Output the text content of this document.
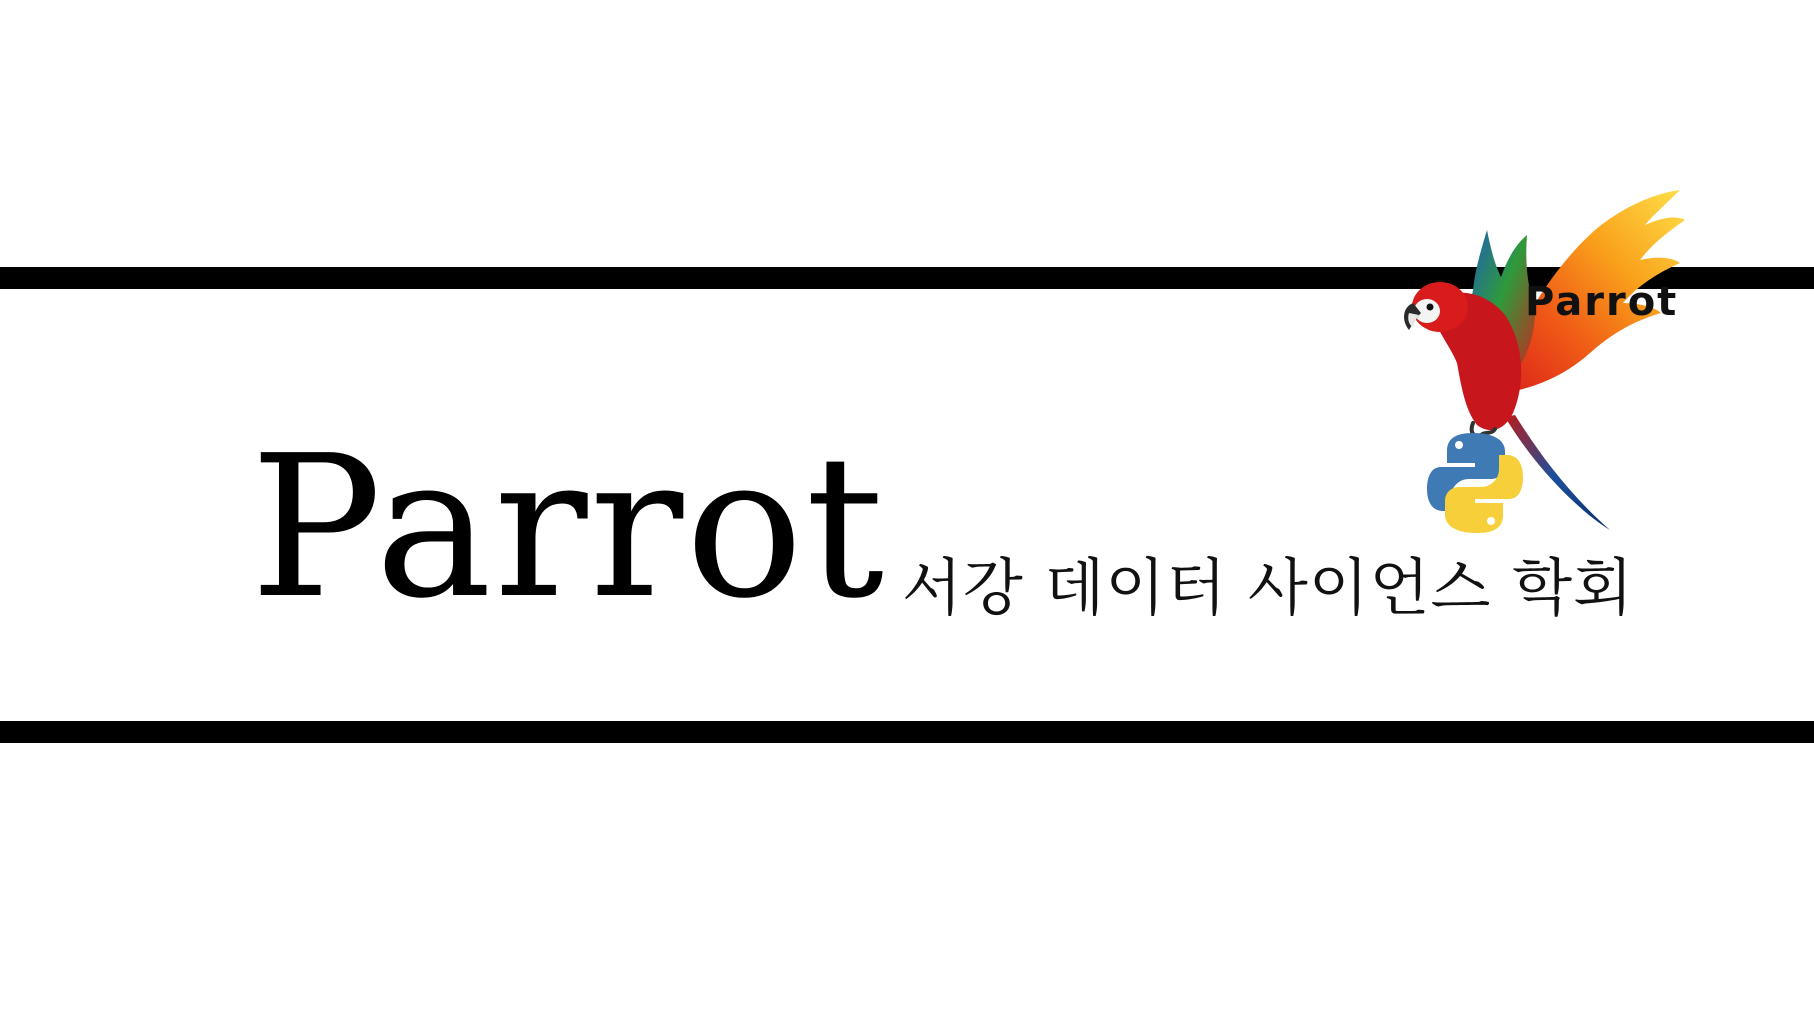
Parrot 서강 데이터 사이언스 학회
Parrot
